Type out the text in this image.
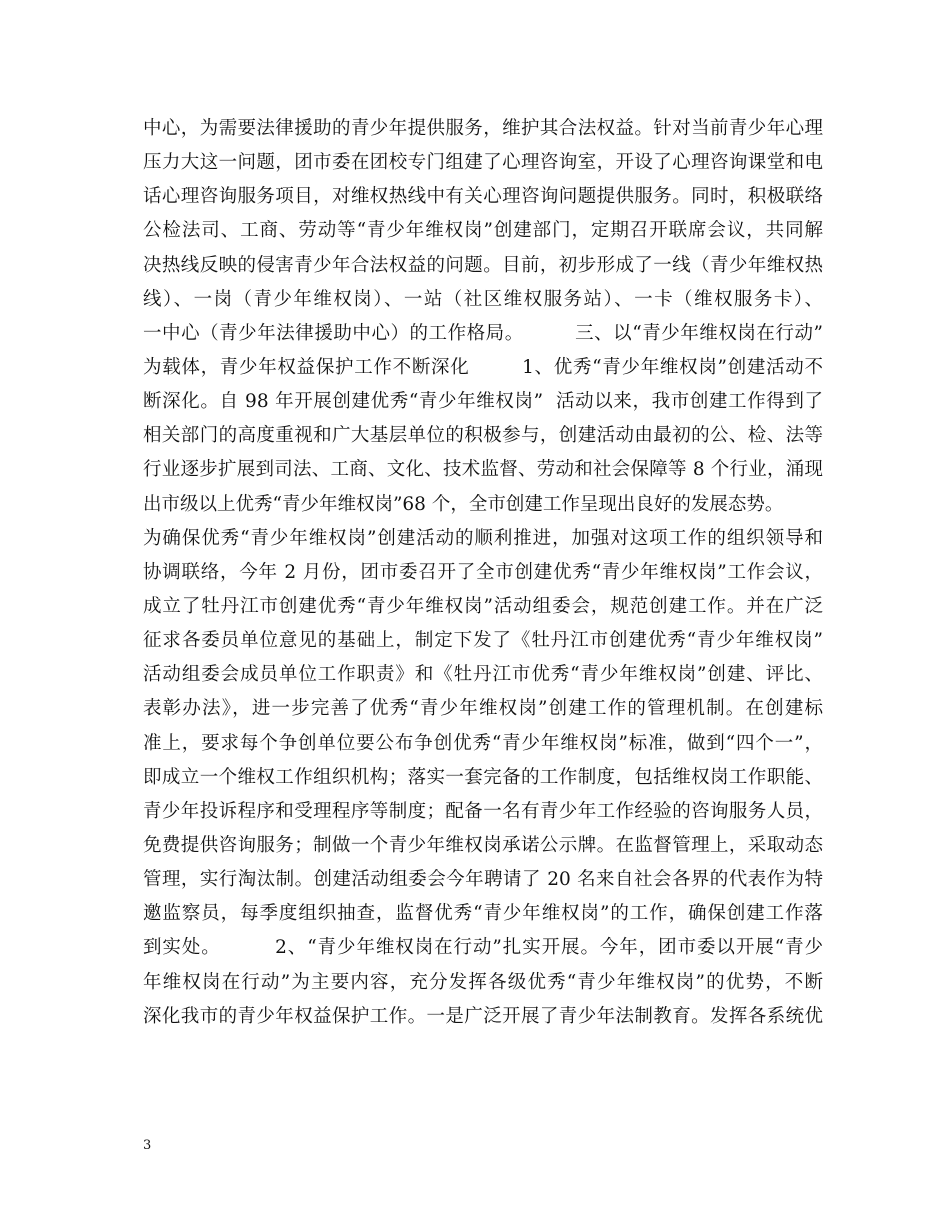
中心，为需要法律援助的青少年提供服务，维护其合法权益。针对当前青少年心理
压力大这一问题，团市委在团校专门组建了心理咨询室，开设了心理咨询课堂和电
话心理咨询服务项目，对维权热线中有关心理咨询问题提供服务。同时，积极联络
公检法司、工商、劳动等“青少年维权岗”创建部门，定期召开联席会议，共同解
决热线反映的侵害青少年合法权益的问题。目前，初步形成了一线（青少年维权热
线）、一岗（青少年维权岗）、一站（社区维权服务站）、一卡（维权服务卡）、
一中心（青少年法律援助中心）的工作格局。        三、以“青少年维权岗在行动”
为载体，青少年权益保护工作不断深化        1、优秀“青少年维权岗”创建活动不
断深化。自 98 年开展创建优秀“青少年维权岗”  活动以来，我市创建工作得到了
相关部门的高度重视和广大基层单位的积极参与，创建活动由最初的公、检、法等
行业逐步扩展到司法、工商、文化、技术监督、劳动和社会保障等 8 个行业，涌现
出市级以上优秀“青少年维权岗”68 个，全市创建工作呈现出良好的发展态势。
为确保优秀“青少年维权岗”创建活动的顺利推进，加强对这项工作的组织领导和
协调联络，今年 2 月份，团市委召开了全市创建优秀“青少年维权岗”工作会议，
成立了牡丹江市创建优秀“青少年维权岗”活动组委会，规范创建工作。并在广泛
征求各委员单位意见的基础上，制定下发了《牡丹江市创建优秀“青少年维权岗”
活动组委会成员单位工作职责》和《牡丹江市优秀“青少年维权岗”创建、评比、
表彰办法》，进一步完善了优秀“青少年维权岗”创建工作的管理机制。在创建标
准上，要求每个争创单位要公布争创优秀“青少年维权岗”标准，做到“四个一”，
即成立一个维权工作组织机构；落实一套完备的工作制度，包括维权岗工作职能、
青少年投诉程序和受理程序等制度；配备一名有青少年工作经验的咨询服务人员，
免费提供咨询服务；制做一个青少年维权岗承诺公示牌。在监督管理上，采取动态
管理，实行淘汰制。创建活动组委会今年聘请了 20 名来自社会各界的代表作为特
邀监察员，每季度组织抽查，监督优秀“青少年维权岗”的工作，确保创建工作落
到实处。        2、“青少年维权岗在行动”扎实开展。今年，团市委以开展“青少
年维权岗在行动”为主要内容，充分发挥各级优秀“青少年维权岗”的优势，不断
深化我市的青少年权益保护工作。一是广泛开展了青少年法制教育。发挥各系统优
3
